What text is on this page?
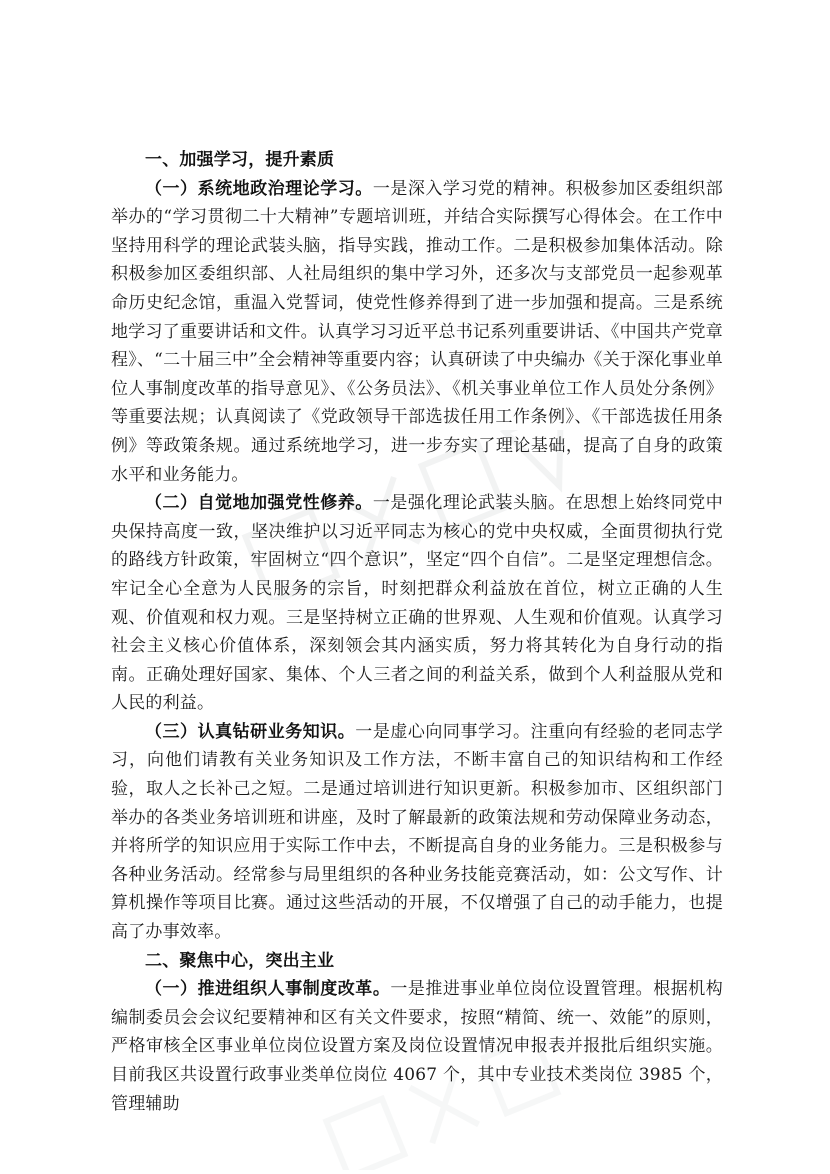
一、加强学习，提升素质

（一）系统地政治理论学习。一是深入学习党的精神。积极参加区委组织部举办的“学习贯彻二十大精神”专题培训班，并结合实际撰写心得体会。在工作中坚持用科学的理论武装头脑，指导实践，推动工作。二是积极参加集体活动。除积极参加区委组织部、人社局组织的集中学习外，还多次与支部党员一起参观革命历史纪念馆，重温入党誓词，使党性修养得到了进一步加强和提高。三是系统地学习了重要讲话和文件。认真学习习近平总书记系列重要讲话、《中国共产党章程》、“二十届三中”全会精神等重要内容；认真研读了中央编办《关于深化事业单位人事制度改革的指导意见》、《公务员法》、《机关事业单位工作人员处分条例》等重要法规；认真阅读了《党政领导干部选拔任用工作条例》、《干部选拔任用条例》等政策条规。通过系统地学习，进一步夯实了理论基础，提高了自身的政策水平和业务能力。

（二）自觉地加强党性修养。一是强化理论武装头脑。在思想上始终同党中央保持高度一致，坚决维护以习近平同志为核心的党中央权威，全面贯彻执行党的路线方针政策，牢固树立“四个意识”，坚定“四个自信”。二是坚定理想信念。牢记全心全意为人民服务的宗旨，时刻把群众利益放在首位，树立正确的人生观、价值观和权力观。三是坚持树立正确的世界观、人生观和价值观。认真学习社会主义核心价值体系，深刻领会其内涵实质，努力将其转化为自身行动的指南。正确处理好国家、集体、个人三者之间的利益关系，做到个人利益服从党和人民的利益。

（三）认真钻研业务知识。一是虚心向同事学习。注重向有经验的老同志学习，向他们请教有关业务知识及工作方法，不断丰富自己的知识结构和工作经验，取人之长补己之短。二是通过培训进行知识更新。积极参加市、区组织部门举办的各类业务培训班和讲座，及时了解最新的政策法规和劳动保障业务动态，并将所学的知识应用于实际工作中去，不断提高自身的业务能力。三是积极参与各种业务活动。经常参与局里组织的各种业务技能竞赛活动，如：公文写作、计算机操作等项目比赛。通过这些活动的开展，不仅增强了自己的动手能力，也提高了办事效率。

二、聚焦中心，突出主业

（一）推进组织人事制度改革。一是推进事业单位岗位设置管理。根据机构编制委员会会议纪要精神和区有关文件要求，按照“精简、统一、效能”的原则，严格审核全区事业单位岗位设置方案及岗位设置情况申报表并报批后组织实施。目前我区共设置行政事业类单位岗位 4067 个，其中专业技术类岗位 3985 个，管理辅助
